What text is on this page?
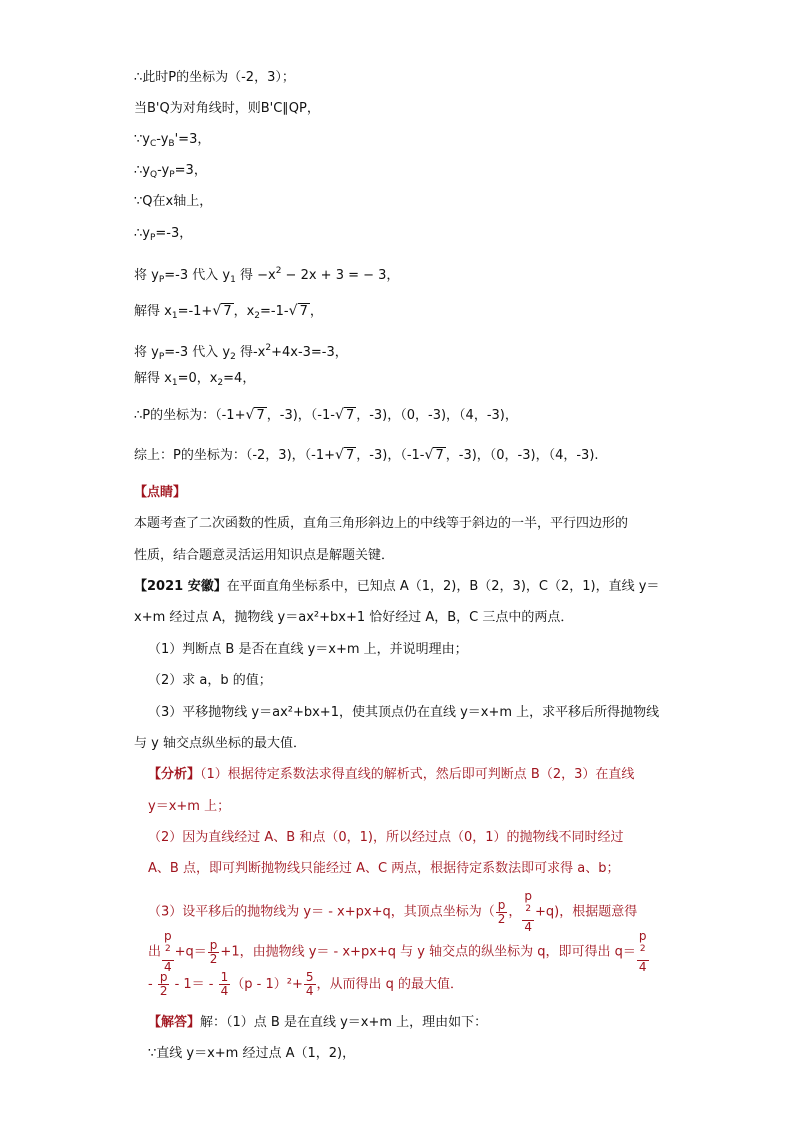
∴此时P的坐标为（-2，3）；
当B'Q为对角线时，则B'C∥QP，
$\because y_C-y_B'=3$，
$\therefore y_Q-y_P=3$，
∵Q在x轴上，
$\therefore y_P=-3$，
将 $y_P=-3$ 代入 $y_1$ 得 $-x^2 - 2x + 3$ = − 3，
解得 $x_1=-1+√$ 7 ，$x_2=-1-√$ 7 ，
将 $y_P=-3$ 代入 $y_2$ 得$-x^2+4x-3=-3$，
解得 $x_1=0$，$x_2=4$，
∴P的坐标为：（-1+√ 7 ，-3)，（-1-√ 7 ，-3)，（0，-3)，（4，-3)，
综上：P的坐标为：（-2，3)，（-1+√ 7 ，-3)，（-1-√ 7 ，-3)，（0，-3)，（4，-3).
【点睛】
本题考查了二次函数的性质，直角三角形斜边上的中线等于斜边的一半，平行四边形的
性质，结合题意灵活运用知识点是解题关键．
【2021 安徽】在平面直角坐标系中，已知点 A（1，2)，B（2，3)，C（2，1)，直线 y＝
x+m 经过点 A，抛物线 y＝ax²+bx+1 恰好经过 A，B，C 三点中的两点．
（1）判断点 B 是否在直线 y＝x+m 上，并说明理由；
（2）求 a，b 的值；
（3）平移抛物线 y＝ax²+bx+1，使其顶点仍在直线 y＝x+m 上，求平移后所得抛物线
与 y 轴交点纵坐标的最大值．
【分析】（1）根据待定系数法求得直线的解析式，然后即可判断点 B（2，3）在直线
y＝x+m 上；
（2）因为直线经过 A、B 和点（0，1)，所以经过点（0，1）的抛物线不同时经过
A、B 点，即可判断抛物线只能经过 A、C 两点，根据待定系数法即可求得 a、b；
（3）设平移后的抛物线为 y＝ - x+px+q，其顶点坐标为（ $\frac{p}{2}$ ， p
$^2$
4 +q)，根据题意得
出 p
$^2$
$4 +q= \frac{p}{2} +1$，由抛物线 y＝ - x+px+q 与 y 轴交点的纵坐标为 q，即可得出 q＝ p
$^2$
4
- $\frac{p}{2} - 1= - \frac{1}{4} (p - 1)^2+ \frac{5}{4}$ ，从而得出 q 的最大值．
【解答】解：（1）点 B 是在直线 y＝x+m 上，理由如下：
∵直线 y＝x+m 经过点 A（1，2)，
